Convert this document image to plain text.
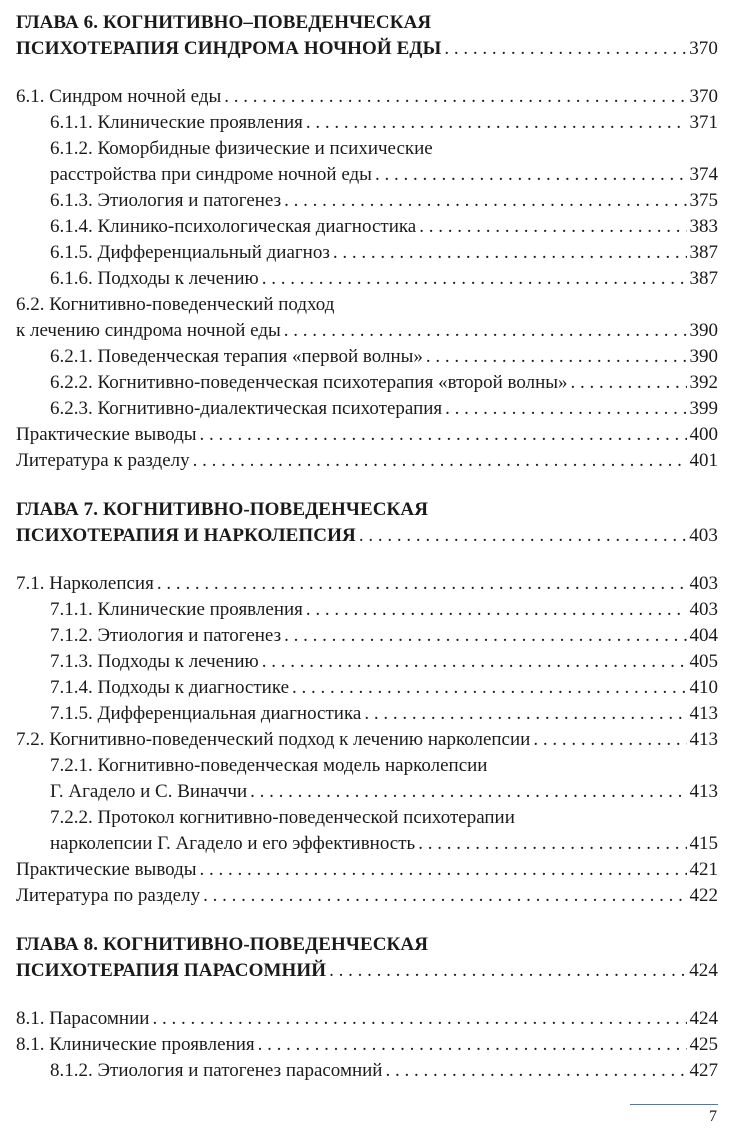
ГЛАВА 6. КОГНИТИВНО–ПОВЕДЕНЧЕСКАЯ
ПСИХОТЕРАПИЯ СИНДРОМА НОЧНОЙ ЕДЫ . . .	370
6.1. Синдром ночной еды . . .	370
6.1.1. Клинические проявления . . .	371
6.1.2. Коморбидные физические и психические
расстройства при синдроме ночной еды . . .	374
6.1.3. Этиология и патогенез . . .	375
6.1.4. Клинико-психологическая диагностика . . .	383
6.1.5. Дифференциальный диагноз . . .	387
6.1.6. Подходы к лечению . . .	387
6.2. Когнитивно-поведенческий подход
к лечению синдрома ночной еды . . .	390
6.2.1. Поведенческая терапия «первой волны» . . .	390
6.2.2. Когнитивно-поведенческая психотерапия «второй волны» . . .	392
6.2.3. Когнитивно-диалектическая психотерапия . . .	399
Практические выводы . . .	400
Литература к разделу . . .	401
ГЛАВА 7. КОГНИТИВНО-ПОВЕДЕНЧЕСКАЯ
ПСИХОТЕРАПИЯ И НАРКОЛЕПСИЯ . . .	403
7.1. Нарколепсия . . .	403
7.1.1. Клинические проявления . . .	403
7.1.2. Этиология и патогенез . . .	404
7.1.3. Подходы к лечению . . .	405
7.1.4. Подходы к диагностике . . .	410
7.1.5. Дифференциальная диагностика . . .	413
7.2. Когнитивно-поведенческий подход к лечению нарколепсии . . .	413
7.2.1. Когнитивно-поведенческая модель нарколепсии
Г. Агадело и С. Виначчи . . .	413
7.2.2. Протокол когнитивно-поведенческой психотерапии
нарколепсии Г. Агадело и его эффективность . . .	415
Практические выводы . . .	421
Литература по разделу . . .	422
ГЛАВА 8. КОГНИТИВНО-ПОВЕДЕНЧЕСКАЯ
ПСИХОТЕРАПИЯ ПАРАСОМНИЙ . . .	424
8.1. Парасомнии . . .	424
8.1. Клинические проявления . . .	425
8.1.2. Этиология и патогенез парасомний . . .	427
7
